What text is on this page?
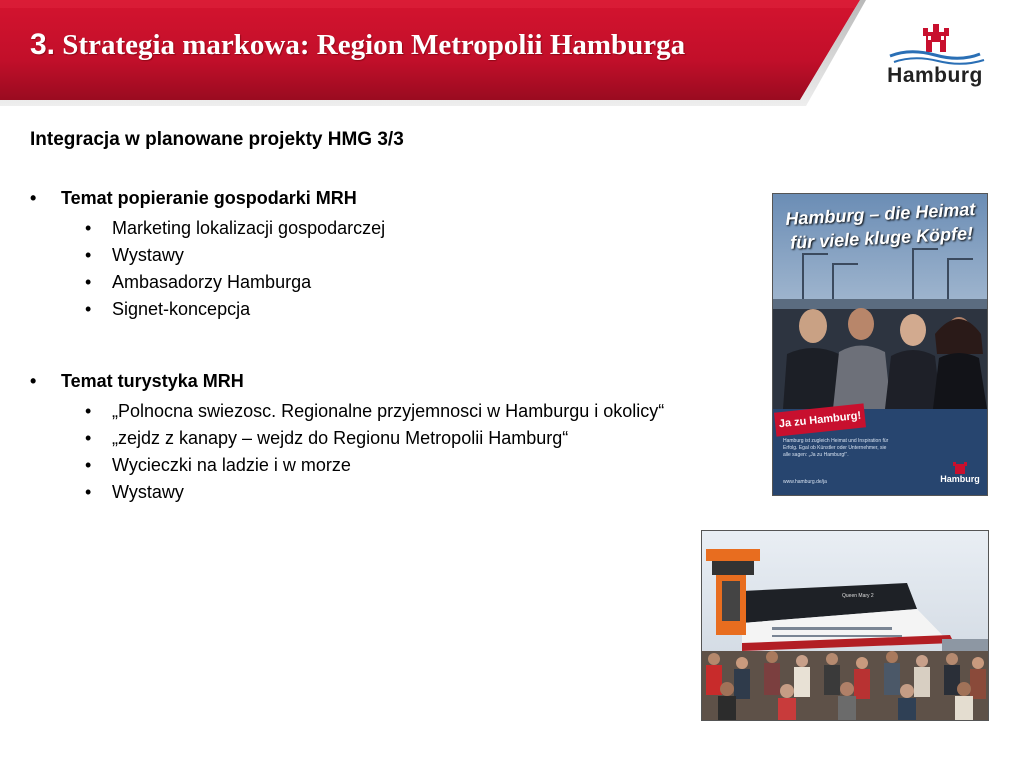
3. Strategia markowa: Region Metropolii Hamburga
Hamburg
Integracja w planowane projekty HMG 3/3
• Temat popieranie gospodarki MRH
• Marketing lokalizacji gospodarczej
• Wystawy
• Ambasadorzy Hamburga
• Signet-koncepcja
• Temat turystyka MRH
• „Polnocna swiezosc. Regionalne przyjemnosci w Hamburgu i okolicy“
• „zejdz z kanapy – wejdz do Regionu Metropolii Hamburg“
• Wycieczki na ladzie i w morze
• Wystawy
Hamburg – die Heimat
für viele kluge Köpfe!
Ja zu Hamburg!
Hamburg ist zugleich Heimat und Inspiration für Erfolg. Egal ob Künstler oder Unternehmer, sie alle sagen: „Ja zu Hamburg!“.
www.hamburg.de/ja	Hamburg
Queen Mary 2
